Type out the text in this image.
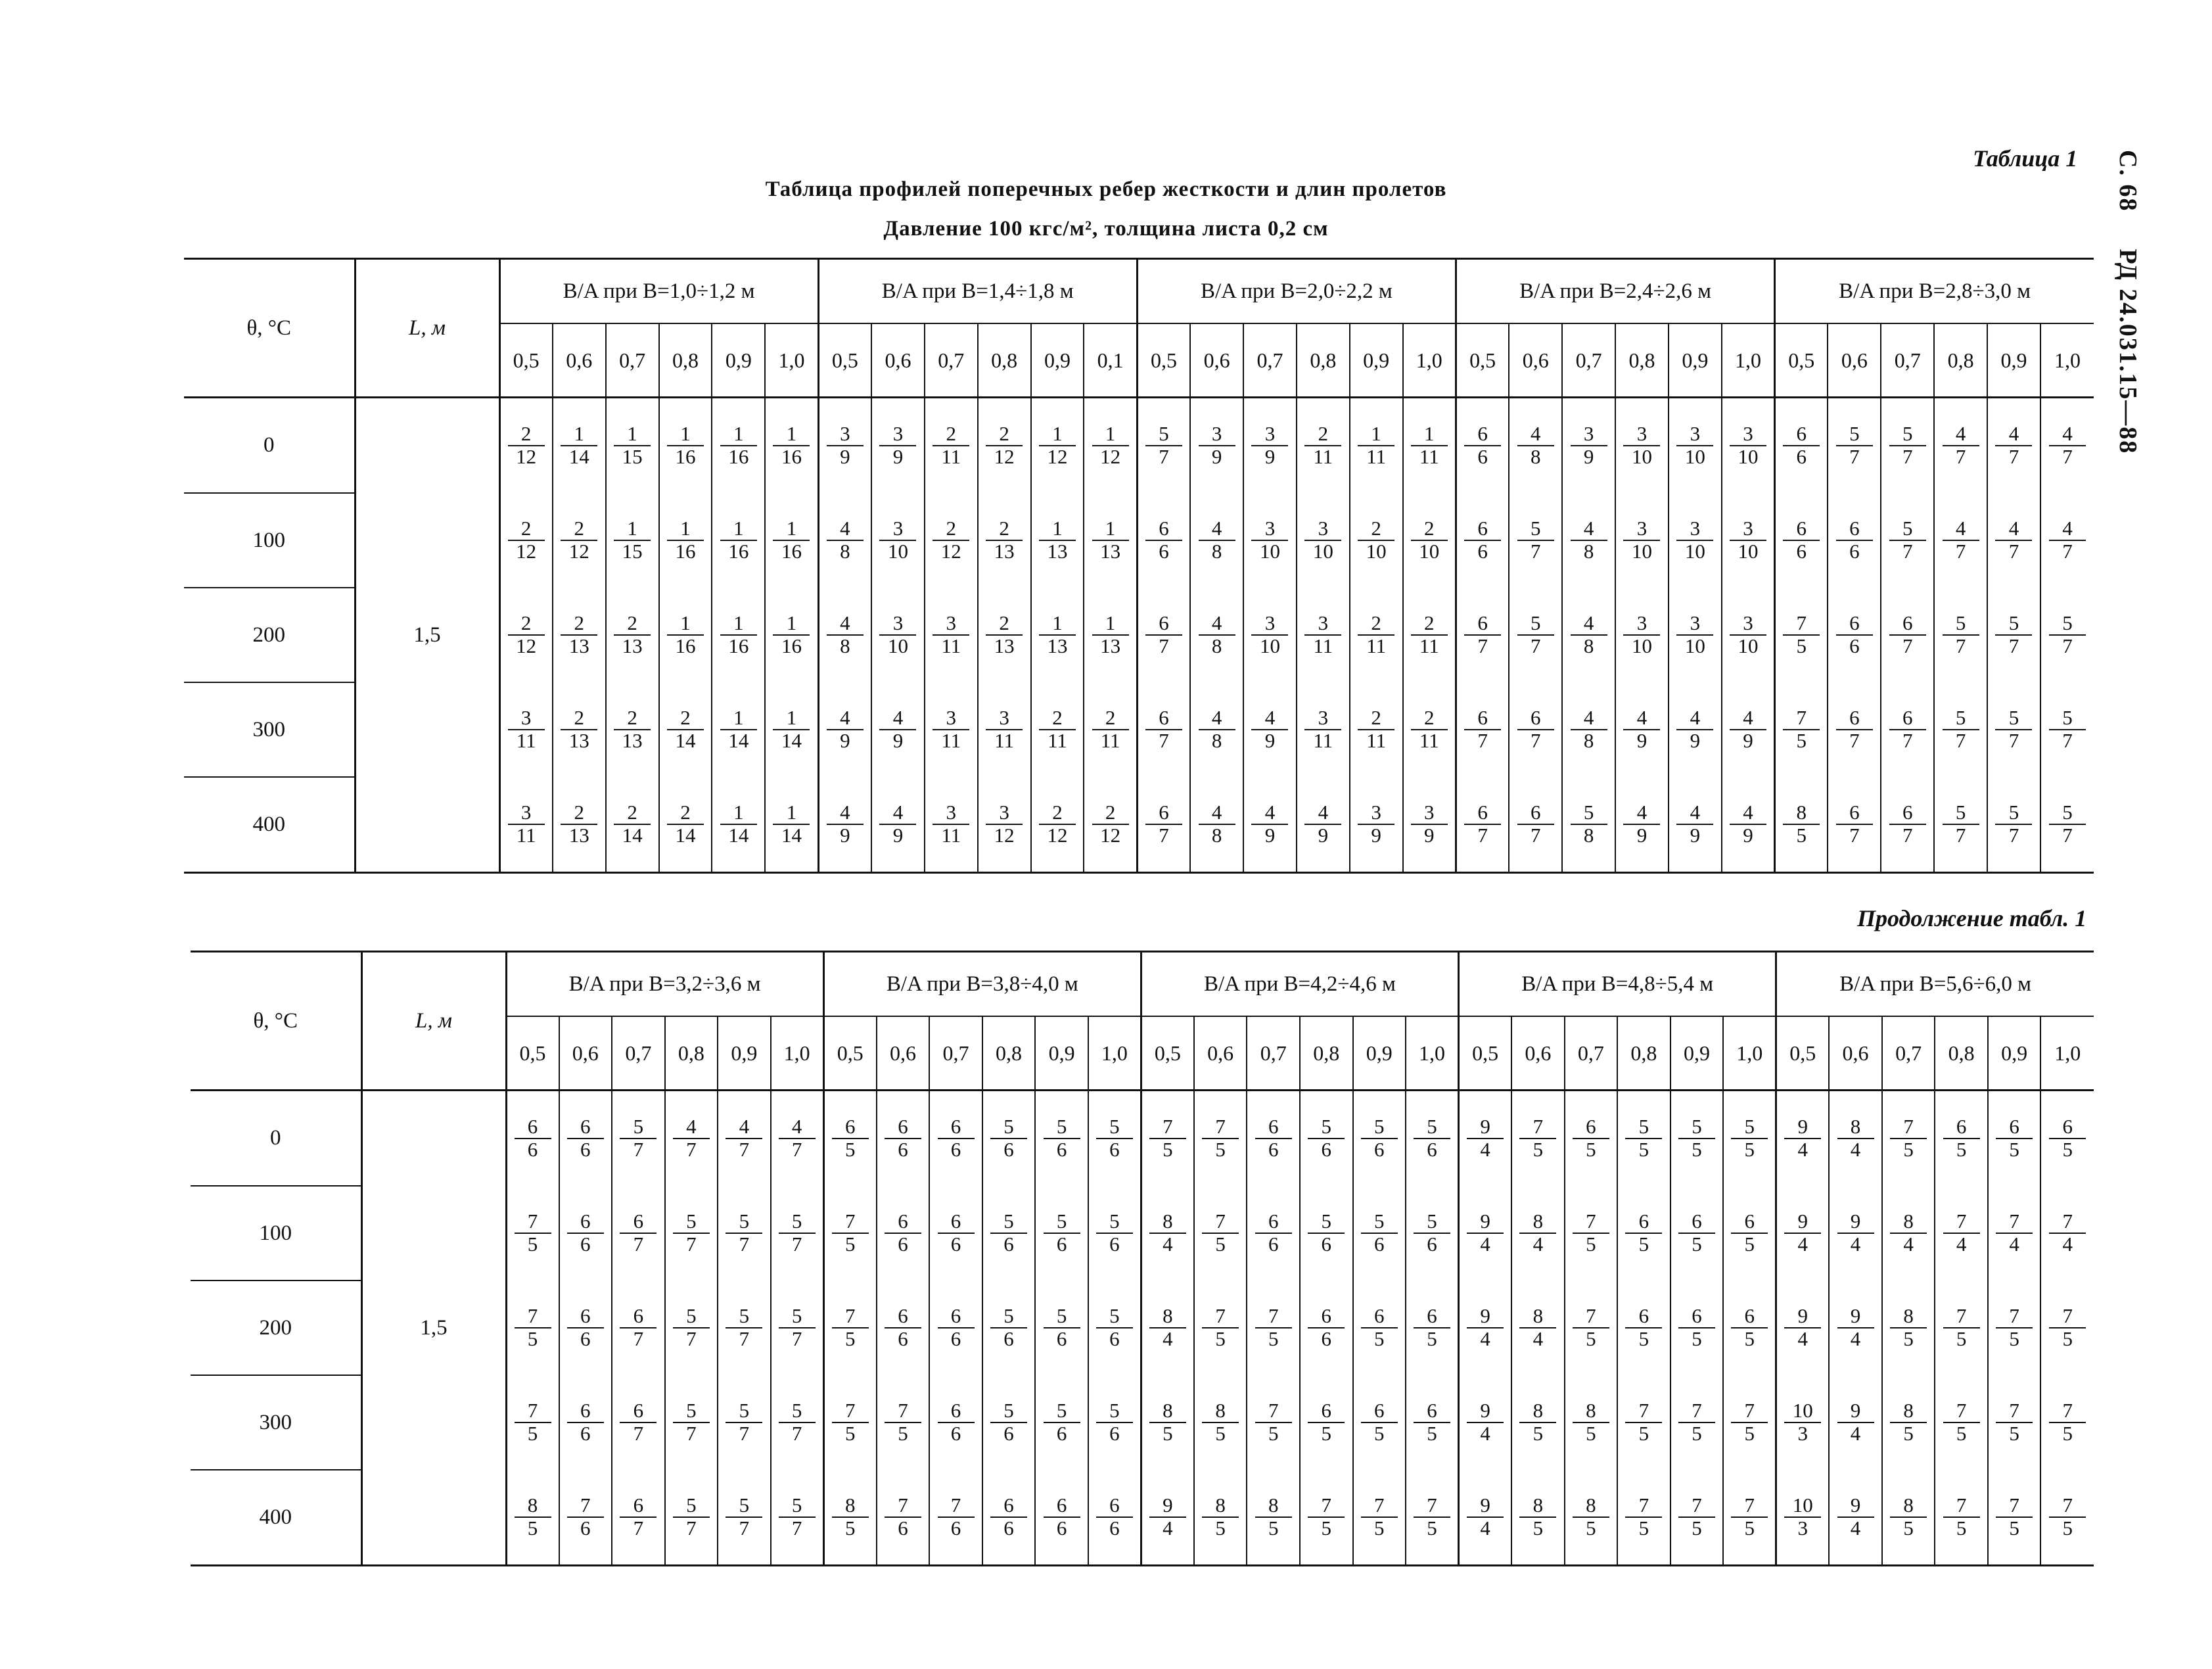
С. 68РД 24.031.15—88
Таблица 1
Таблица профилей поперечных ребер жесткости и длин пролетов
Давление 100 кгс/м², толщина листа 0,2 см
θ, °С	L, м	B/A при B=1,0÷1,2 м						B/A при B=1,4÷1,8 м						B/A при B=2,0÷2,2 м						B/A при B=2,4÷2,6 м						B/A при B=2,8÷3,0 м					
		0,5	0,6	0,7	0,8	0,9	1,0	0,5	0,6	0,7	0,8	0,9	0,1	0,5	0,6	0,7	0,8	0,9	1,0	0,5	0,6	0,7	0,8	0,9	1,0	0,5	0,6	0,7	0,8	0,9	1,0
0	1,5	$\frac{2}{12}$	$\frac{1}{14}$	$\frac{1}{15}$	$\frac{1}{16}$	$\frac{1}{16}$	$\frac{1}{16}$	$\frac{3}{9}$	$\frac{3}{9}$	$\frac{2}{11}$	$\frac{2}{12}$	$\frac{1}{12}$	$\frac{1}{12}$	$\frac{5}{7}$	$\frac{3}{9}$	$\frac{3}{9}$	$\frac{2}{11}$	$\frac{1}{11}$	$\frac{1}{11}$	$\frac{6}{6}$	$\frac{4}{8}$	$\frac{3}{9}$	$\frac{3}{10}$	$\frac{3}{10}$	$\frac{3}{10}$	$\frac{6}{6}$	$\frac{5}{7}$	$\frac{5}{7}$	$\frac{4}{7}$	$\frac{4}{7}$	$\frac{4}{7}$

100		$\frac{2}{12}$	$\frac{2}{12}$	$\frac{1}{15}$	$\frac{1}{16}$	$\frac{1}{16}$	$\frac{1}{16}$	$\frac{4}{8}$	$\frac{3}{10}$	$\frac{2}{12}$	$\frac{2}{13}$	$\frac{1}{13}$	$\frac{1}{13}$	$\frac{6}{6}$	$\frac{4}{8}$	$\frac{3}{10}$	$\frac{3}{10}$	$\frac{2}{10}$	$\frac{2}{10}$	$\frac{6}{6}$	$\frac{5}{7}$	$\frac{4}{8}$	$\frac{3}{10}$	$\frac{3}{10}$	$\frac{3}{10}$	$\frac{6}{6}$	$\frac{6}{6}$	$\frac{5}{7}$	$\frac{4}{7}$	$\frac{4}{7}$	$\frac{4}{7}$

200		$\frac{2}{12}$	$\frac{2}{13}$	$\frac{2}{13}$	$\frac{1}{16}$	$\frac{1}{16}$	$\frac{1}{16}$	$\frac{4}{8}$	$\frac{3}{10}$	$\frac{3}{11}$	$\frac{2}{13}$	$\frac{1}{13}$	$\frac{1}{13}$	$\frac{6}{7}$	$\frac{4}{8}$	$\frac{3}{10}$	$\frac{3}{11}$	$\frac{2}{11}$	$\frac{2}{11}$	$\frac{6}{7}$	$\frac{5}{7}$	$\frac{4}{8}$	$\frac{3}{10}$	$\frac{3}{10}$	$\frac{3}{10}$	$\frac{7}{5}$	$\frac{6}{6}$	$\frac{6}{7}$	$\frac{5}{7}$	$\frac{5}{7}$	$\frac{5}{7}$

300		$\frac{3}{11}$	$\frac{2}{13}$	$\frac{2}{13}$	$\frac{2}{14}$	$\frac{1}{14}$	$\frac{1}{14}$	$\frac{4}{9}$	$\frac{4}{9}$	$\frac{3}{11}$	$\frac{3}{11}$	$\frac{2}{11}$	$\frac{2}{11}$	$\frac{6}{7}$	$\frac{4}{8}$	$\frac{4}{9}$	$\frac{3}{11}$	$\frac{2}{11}$	$\frac{2}{11}$	$\frac{6}{7}$	$\frac{6}{7}$	$\frac{4}{8}$	$\frac{4}{9}$	$\frac{4}{9}$	$\frac{4}{9}$	$\frac{7}{5}$	$\frac{6}{7}$	$\frac{6}{7}$	$\frac{5}{7}$	$\frac{5}{7}$	$\frac{5}{7}$

400		$\frac{3}{11}$	$\frac{2}{13}$	$\frac{2}{14}$	$\frac{2}{14}$	$\frac{1}{14}$	$\frac{1}{14}$	$\frac{4}{9}$	$\frac{4}{9}$	$\frac{3}{11}$	$\frac{3}{12}$	$\frac{2}{12}$	$\frac{2}{12}$	$\frac{6}{7}$	$\frac{4}{8}$	$\frac{4}{9}$	$\frac{4}{9}$	$\frac{3}{9}$	$\frac{3}{9}$	$\frac{6}{7}$	$\frac{6}{7}$	$\frac{5}{8}$	$\frac{4}{9}$	$\frac{4}{9}$	$\frac{4}{9}$	$\frac{8}{5}$	$\frac{6}{7}$	$\frac{6}{7}$	$\frac{5}{7}$	$\frac{5}{7}$	$\frac{5}{7}$
Продолжение табл. 1
θ, °С	L, м	B/A при B=3,2÷3,6 м						B/A при B=3,8÷4,0 м						B/A при B=4,2÷4,6 м						B/A при B=4,8÷5,4 м						B/A при B=5,6÷6,0 м					
		0,5	0,6	0,7	0,8	0,9	1,0	0,5	0,6	0,7	0,8	0,9	1,0	0,5	0,6	0,7	0,8	0,9	1,0	0,5	0,6	0,7	0,8	0,9	1,0	0,5	0,6	0,7	0,8	0,9	1,0
0	1,5	$\frac{6}{6}$	$\frac{6}{6}$	$\frac{5}{7}$	$\frac{4}{7}$	$\frac{4}{7}$	$\frac{4}{7}$	$\frac{6}{5}$	$\frac{6}{6}$	$\frac{6}{6}$	$\frac{5}{6}$	$\frac{5}{6}$	$\frac{5}{6}$	$\frac{7}{5}$	$\frac{7}{5}$	$\frac{6}{6}$	$\frac{5}{6}$	$\frac{5}{6}$	$\frac{5}{6}$	$\frac{9}{4}$	$\frac{7}{5}$	$\frac{6}{5}$	$\frac{5}{5}$	$\frac{5}{5}$	$\frac{5}{5}$	$\frac{9}{4}$	$\frac{8}{4}$	$\frac{7}{5}$	$\frac{6}{5}$	$\frac{6}{5}$	$\frac{6}{5}$

100		$\frac{7}{5}$	$\frac{6}{6}$	$\frac{6}{7}$	$\frac{5}{7}$	$\frac{5}{7}$	$\frac{5}{7}$	$\frac{7}{5}$	$\frac{6}{6}$	$\frac{6}{6}$	$\frac{5}{6}$	$\frac{5}{6}$	$\frac{5}{6}$	$\frac{8}{4}$	$\frac{7}{5}$	$\frac{6}{6}$	$\frac{5}{6}$	$\frac{5}{6}$	$\frac{5}{6}$	$\frac{9}{4}$	$\frac{8}{4}$	$\frac{7}{5}$	$\frac{6}{5}$	$\frac{6}{5}$	$\frac{6}{5}$	$\frac{9}{4}$	$\frac{9}{4}$	$\frac{8}{4}$	$\frac{7}{4}$	$\frac{7}{4}$	$\frac{7}{4}$

200		$\frac{7}{5}$	$\frac{6}{6}$	$\frac{6}{7}$	$\frac{5}{7}$	$\frac{5}{7}$	$\frac{5}{7}$	$\frac{7}{5}$	$\frac{6}{6}$	$\frac{6}{6}$	$\frac{5}{6}$	$\frac{5}{6}$	$\frac{5}{6}$	$\frac{8}{4}$	$\frac{7}{5}$	$\frac{7}{5}$	$\frac{6}{6}$	$\frac{6}{5}$	$\frac{6}{5}$	$\frac{9}{4}$	$\frac{8}{4}$	$\frac{7}{5}$	$\frac{6}{5}$	$\frac{6}{5}$	$\frac{6}{5}$	$\frac{9}{4}$	$\frac{9}{4}$	$\frac{8}{5}$	$\frac{7}{5}$	$\frac{7}{5}$	$\frac{7}{5}$

300		$\frac{7}{5}$	$\frac{6}{6}$	$\frac{6}{7}$	$\frac{5}{7}$	$\frac{5}{7}$	$\frac{5}{7}$	$\frac{7}{5}$	$\frac{7}{5}$	$\frac{6}{6}$	$\frac{5}{6}$	$\frac{5}{6}$	$\frac{5}{6}$	$\frac{8}{5}$	$\frac{8}{5}$	$\frac{7}{5}$	$\frac{6}{5}$	$\frac{6}{5}$	$\frac{6}{5}$	$\frac{9}{4}$	$\frac{8}{5}$	$\frac{8}{5}$	$\frac{7}{5}$	$\frac{7}{5}$	$\frac{7}{5}$	$\frac{10}{3}$	$\frac{9}{4}$	$\frac{8}{5}$	$\frac{7}{5}$	$\frac{7}{5}$	$\frac{7}{5}$

400		$\frac{8}{5}$	$\frac{7}{6}$	$\frac{6}{7}$	$\frac{5}{7}$	$\frac{5}{7}$	$\frac{5}{7}$	$\frac{8}{5}$	$\frac{7}{6}$	$\frac{7}{6}$	$\frac{6}{6}$	$\frac{6}{6}$	$\frac{6}{6}$	$\frac{9}{4}$	$\frac{8}{5}$	$\frac{8}{5}$	$\frac{7}{5}$	$\frac{7}{5}$	$\frac{7}{5}$	$\frac{9}{4}$	$\frac{8}{5}$	$\frac{8}{5}$	$\frac{7}{5}$	$\frac{7}{5}$	$\frac{7}{5}$	$\frac{10}{3}$	$\frac{9}{4}$	$\frac{8}{5}$	$\frac{7}{5}$	$\frac{7}{5}$	$\frac{7}{5}$
